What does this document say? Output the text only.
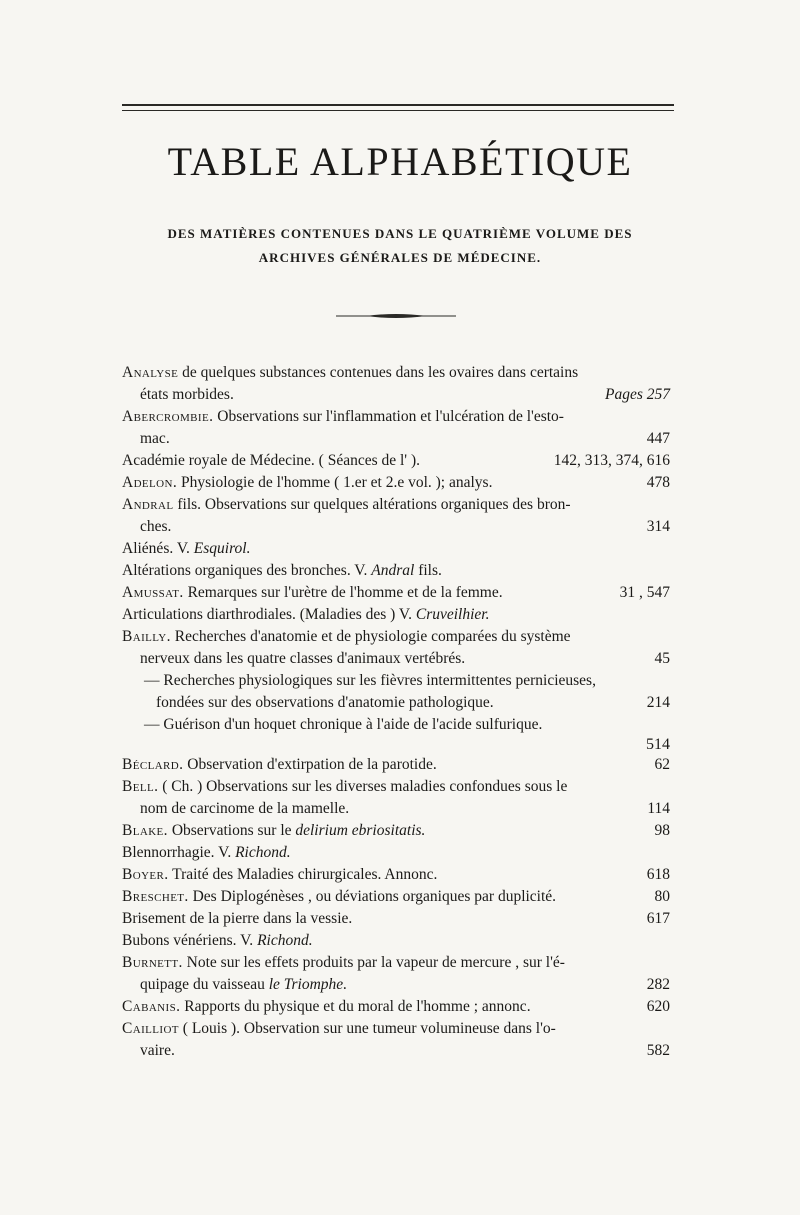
TABLE ALPHABÉTIQUE
DES MATIÈRES CONTENUES DANS LE QUATRIÈME VOLUME DES
ARCHIVES GÉNÉRALES DE MÉDECINE.
Analyse de quelques substances contenues dans les ovaires dans certains
états morbides.	Pages 257
Abercrombie. Observations sur l'inflammation et l'ulcération de l'esto-
mac.	447
Académie royale de Médecine. ( Séances de l' ).	142, 313, 374, 616
Adelon. Physiologie de l'homme ( 1.er et 2.e vol. ); analys.	478
Andral fils. Observations sur quelques altérations organiques des bron-
ches.	314
Aliénés. V. Esquirol.
Altérations organiques des bronches. V. Andral fils.
Amussat. Remarques sur l'urètre de l'homme et de la femme.	31 , 547
Articulations diarthrodiales. (Maladies des ) V. Cruveilhier.
Bailly. Recherches d'anatomie et de physiologie comparées du système
nerveux dans les quatre classes d'animaux vertébrés.	45
— Recherches physiologiques sur les fièvres intermittentes pernicieuses,
fondées sur des observations d'anatomie pathologique.	214
— Guérison d'un hoquet chronique à l'aide de l'acide sulfurique.
514
Béclard. Observation d'extirpation de la parotide.	62
Bell. ( Ch. ) Observations sur les diverses maladies confondues sous le
nom de carcinome de la mamelle.	114
Blake. Observations sur le delirium ebriositatis.	98
Blennorrhagie. V. Richond.
Boyer. Traité des Maladies chirurgicales. Annonc.	618
Breschet. Des Diplogénèses , ou déviations organiques par duplicité.	80
Brisement de la pierre dans la vessie.	617
Bubons vénériens. V. Richond.
Burnett. Note sur les effets produits par la vapeur de mercure , sur l'é-
quipage du vaisseau le Triomphe.	282
Cabanis. Rapports du physique et du moral de l'homme ; annonc.	620
Cailliot ( Louis ). Observation sur une tumeur volumineuse dans l'o-
vaire.	582
